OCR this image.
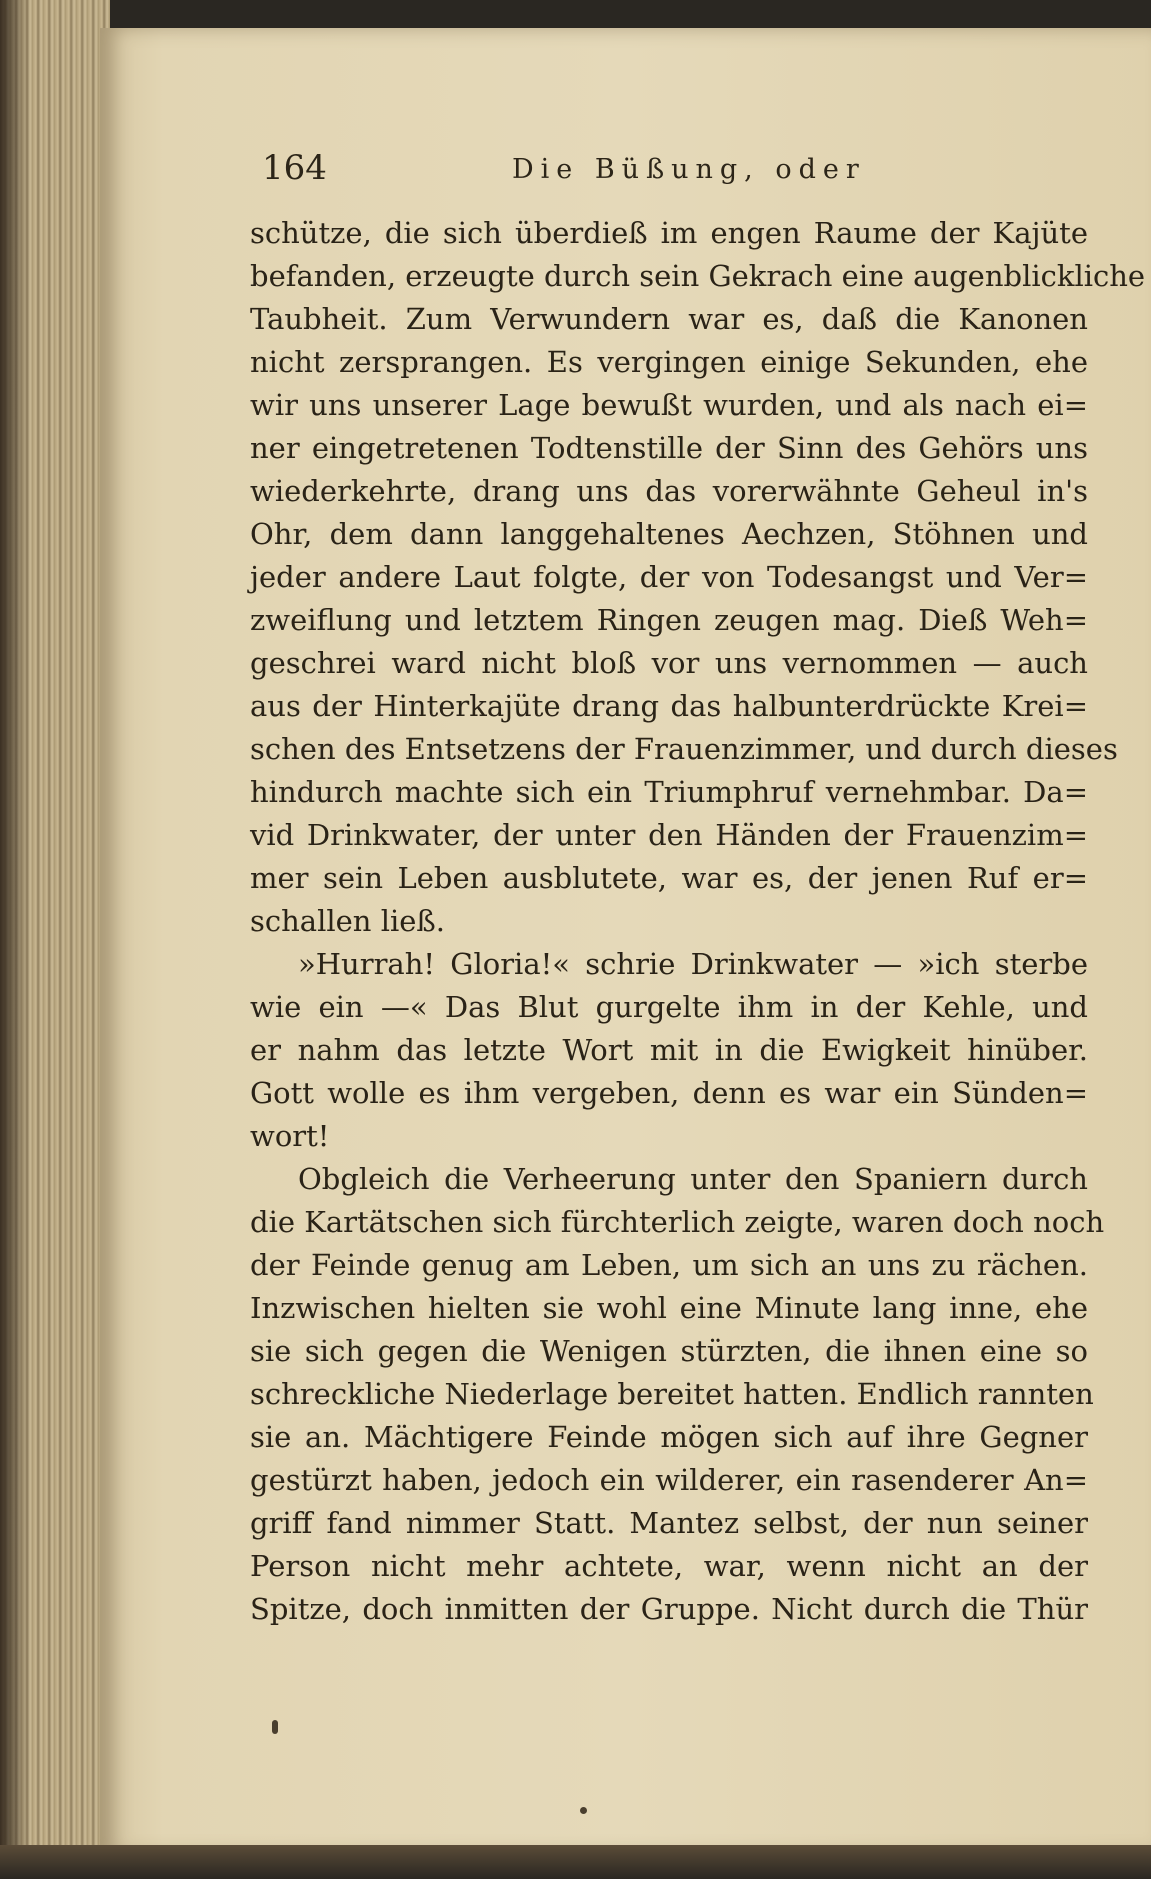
164	Die Büßung, oder
schütze, die sich überdieß im engen Raume der Kajüte
befanden, erzeugte durch sein Gekrach eine augenblickliche
Taubheit. Zum Verwundern war es, daß die Kanonen
nicht zersprangen. Es vergingen einige Sekunden, ehe
wir uns unserer Lage bewußt wurden, und als nach ei=
ner eingetretenen Todtenstille der Sinn des Gehörs uns
wiederkehrte, drang uns das vorerwähnte Geheul in's
Ohr, dem dann langgehaltenes Aechzen, Stöhnen und
jeder andere Laut folgte, der von Todesangst und Ver=
zweiflung und letztem Ringen zeugen mag. Dieß Weh=
geschrei ward nicht bloß vor uns vernommen — auch
aus der Hinterkajüte drang das halbunterdrückte Krei=
schen des Entsetzens der Frauenzimmer, und durch dieses
hindurch machte sich ein Triumphruf vernehmbar. Da=
vid Drinkwater, der unter den Händen der Frauenzim=
mer sein Leben ausblutete, war es, der jenen Ruf er=
schallen ließ.
»Hurrah! Gloria!« schrie Drinkwater — »ich sterbe
wie ein —« Das Blut gurgelte ihm in der Kehle, und
er nahm das letzte Wort mit in die Ewigkeit hinüber.
Gott wolle es ihm vergeben, denn es war ein Sünden=
wort!
Obgleich die Verheerung unter den Spaniern durch
die Kartätschen sich fürchterlich zeigte, waren doch noch
der Feinde genug am Leben, um sich an uns zu rächen.
Inzwischen hielten sie wohl eine Minute lang inne, ehe
sie sich gegen die Wenigen stürzten, die ihnen eine so
schreckliche Niederlage bereitet hatten. Endlich rannten
sie an. Mächtigere Feinde mögen sich auf ihre Gegner
gestürzt haben, jedoch ein wilderer, ein rasenderer An=
griff fand nimmer Statt. Mantez selbst, der nun seiner
Person nicht mehr achtete, war, wenn nicht an der
Spitze, doch inmitten der Gruppe. Nicht durch die Thür
